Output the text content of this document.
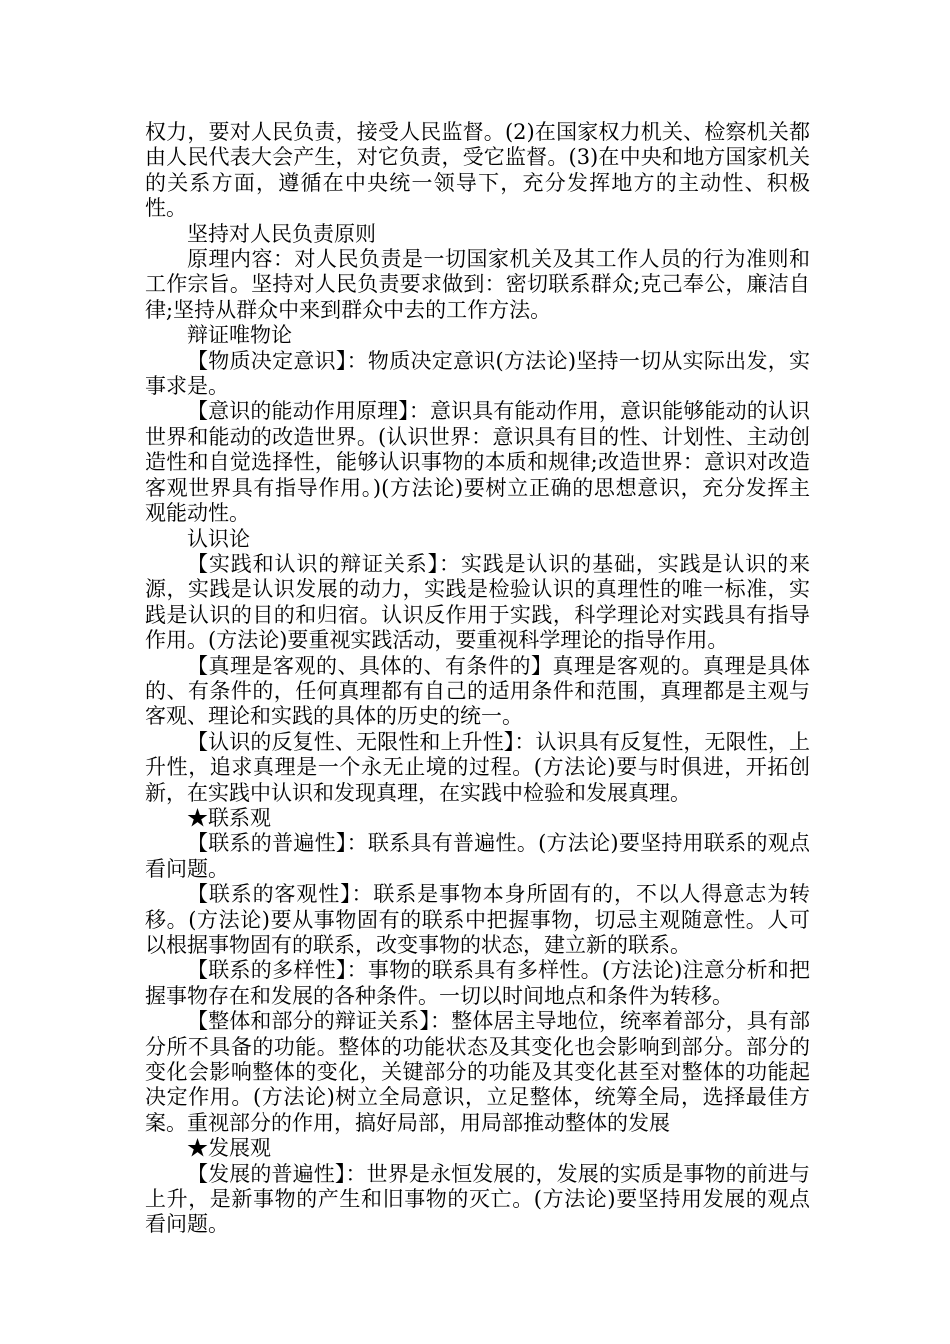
权力，要对人民负责，接受人民监督。(2)在国家权力机关、检察机关都由人民代表大会产生，对它负责，受它监督。(3)在中央和地方国家机关的关系方面，遵循在中央统一领导下，充分发挥地方的主动性、积极性。

坚持对人民负责原则

原理内容：对人民负责是一切国家机关及其工作人员的行为准则和工作宗旨。坚持对人民负责要求做到：密切联系群众;克己奉公，廉洁自律;坚持从群众中来到群众中去的工作方法。

辩证唯物论

【物质决定意识】：物质决定意识(方法论)坚持一切从实际出发，实事求是。

【意识的能动作用原理】：意识具有能动作用，意识能够能动的认识世界和能动的改造世界。(认识世界：意识具有目的性、计划性、主动创造性和自觉选择性，能够认识事物的本质和规律;改造世界：意识对改造客观世界具有指导作用。)(方法论)要树立正确的思想意识，充分发挥主观能动性。

认识论

【实践和认识的辩证关系】：实践是认识的基础，实践是认识的来源，实践是认识发展的动力，实践是检验认识的真理性的唯一标准，实践是认识的目的和归宿。认识反作用于实践，科学理论对实践具有指导作用。(方法论)要重视实践活动，要重视科学理论的指导作用。

【真理是客观的、具体的、有条件的】真理是客观的。真理是具体的、有条件的，任何真理都有自己的适用条件和范围，真理都是主观与客观、理论和实践的具体的历史的统一。

【认识的反复性、无限性和上升性】：认识具有反复性，无限性，上升性，追求真理是一个永无止境的过程。(方法论)要与时俱进，开拓创新，在实践中认识和发现真理，在实践中检验和发展真理。

★联系观

【联系的普遍性】：联系具有普遍性。(方法论)要坚持用联系的观点看问题。

【联系的客观性】：联系是事物本身所固有的，不以人得意志为转移。(方法论)要从事物固有的联系中把握事物，切忌主观随意性。人可以根据事物固有的联系，改变事物的状态，建立新的联系。

【联系的多样性】：事物的联系具有多样性。(方法论)注意分析和把握事物存在和发展的各种条件。一切以时间地点和条件为转移。

【整体和部分的辩证关系】：整体居主导地位，统率着部分，具有部分所不具备的功能。整体的功能状态及其变化也会影响到部分。部分的变化会影响整体的变化，关键部分的功能及其变化甚至对整体的功能起决定作用。(方法论)树立全局意识，立足整体，统筹全局，选择最佳方案。重视部分的作用，搞好局部，用局部推动整体的发展

★发展观

【发展的普遍性】：世界是永恒发展的，发展的实质是事物的前进与上升，是新事物的产生和旧事物的灭亡。(方法论)要坚持用发展的观点看问题。
